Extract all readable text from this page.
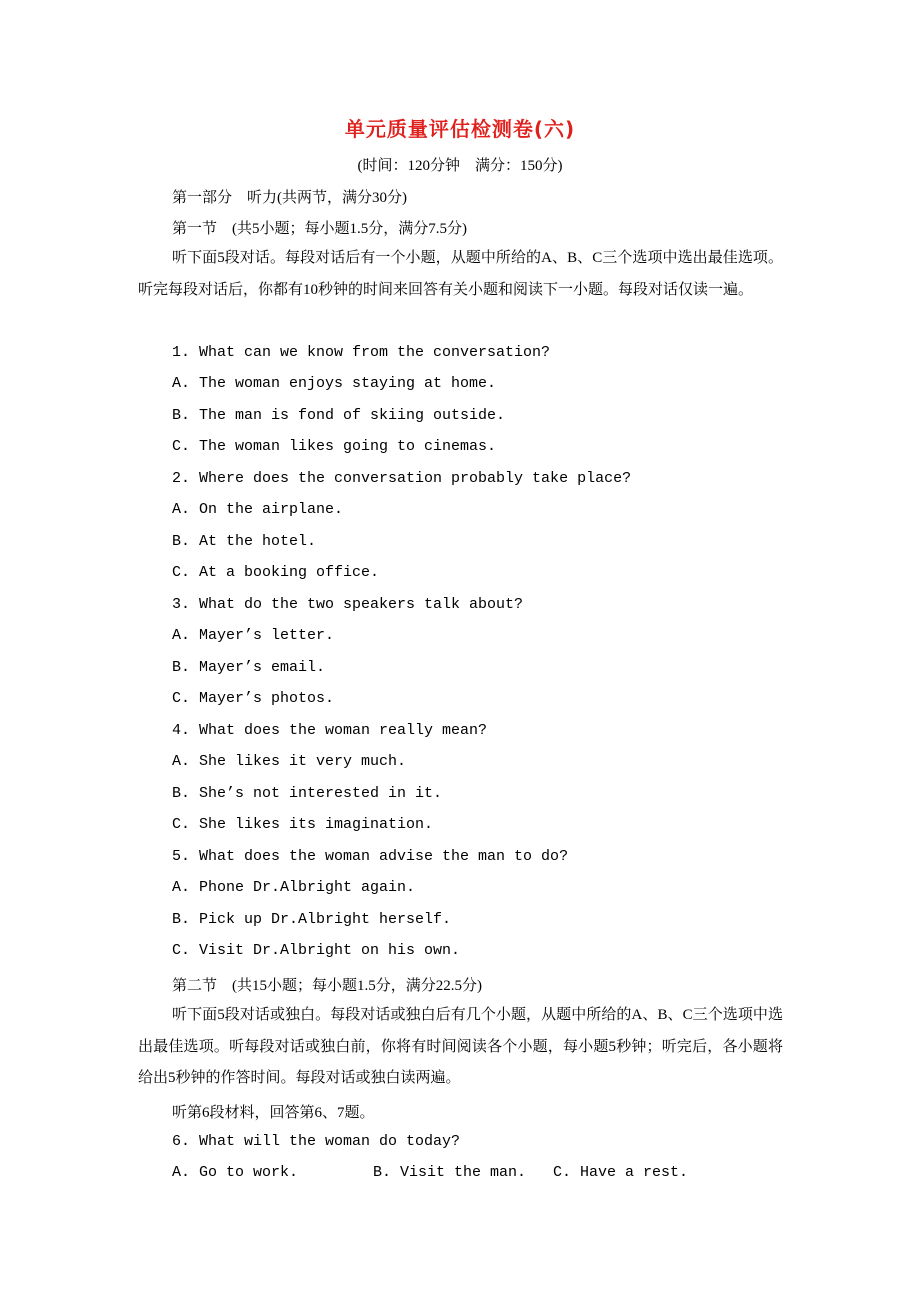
单元质量评估检测卷(六)
(时间：120分钟　满分：150分)
第一部分　听力(共两节，满分30分)
第一节　(共5小题；每小题1.5分，满分7.5分)
听下面5段对话。每段对话后有一个小题，从题中所给的A、B、C三个选项中选出最佳选项。听完每段对话后，你都有10秒钟的时间来回答有关小题和阅读下一小题。每段对话仅读一遍。
1. What can we know from the conversation?
A. The woman enjoys staying at home.
B. The man is fond of skiing outside.
C. The woman likes going to cinemas.
2. Where does the conversation probably take place?
A. On the airplane.
B. At the hotel.
C. At a booking office.
3. What do the two speakers talk about?
A. Mayer’s letter.
B. Mayer’s email.
C. Mayer’s photos.
4. What does the woman really mean?
A. She likes it very much.
B. She’s not interested in it.
C. She likes its imagination.
5. What does the woman advise the man to do?
A. Phone Dr.Albright again.
B. Pick up Dr.Albright herself.
C. Visit Dr.Albright on his own.
第二节　(共15小题；每小题1.5分，满分22.5分)
听下面5段对话或独白。每段对话或独白后有几个小题，从题中所给的A、B、C三个选项中选出最佳选项。听每段对话或独白前，你将有时间阅读各个小题，每小题5秒钟；听完后，各小题将给出5秒钟的作答时间。每段对话或独白读两遍。
听第6段材料，回答第6、7题。
6. What will the woman do today?
A. Go to work.	B. Visit the man. C. Have a rest.
